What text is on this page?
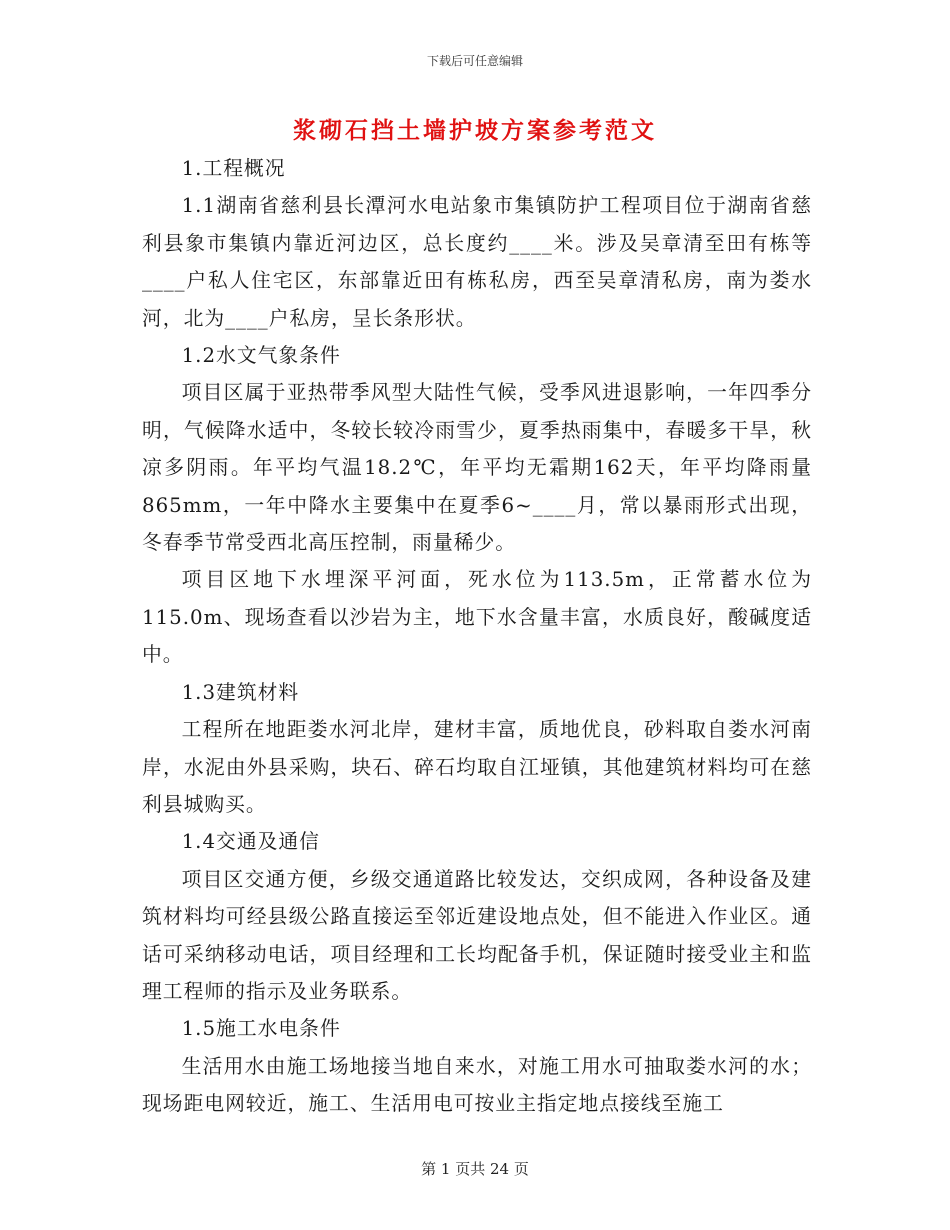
下载后可任意编辑
浆砌石挡土墙护坡方案参考范文

1.工程概况

1.1湖南省慈利县长潭河水电站象市集镇防护工程项目位于湖南省慈利县象市集镇内靠近河边区，总长度约____米。涉及吴章清至田有栋等____户私人住宅区，东部靠近田有栋私房，西至吴章清私房，南为娄水河，北为____户私房，呈长条形状。

1.2水文气象条件

项目区属于亚热带季风型大陆性气候，受季风进退影响，一年四季分明，气候降水适中，冬较长较冷雨雪少，夏季热雨集中，春暖多干旱，秋凉多阴雨。年平均气温18.2℃，年平均无霜期162天，年平均降雨量865mm，一年中降水主要集中在夏季6~____月，常以暴雨形式出现，冬春季节常受西北高压控制，雨量稀少。

项目区地下水埋深平河面，死水位为113.5m，正常蓄水位为115.0m、现场查看以沙岩为主，地下水含量丰富，水质良好，酸碱度适中。

1.3建筑材料

工程所在地距娄水河北岸，建材丰富，质地优良，砂料取自娄水河南岸，水泥由外县采购，块石、碎石均取自江垭镇，其他建筑材料均可在慈利县城购买。

1.4交通及通信

项目区交通方便，乡级交通道路比较发达，交织成网，各种设备及建筑材料均可经县级公路直接运至邻近建设地点处，但不能进入作业区。通话可采纳移动电话，项目经理和工长均配备手机，保证随时接受业主和监理工程师的指示及业务联系。

1.5施工水电条件

生活用水由施工场地接当地自来水，对施工用水可抽取娄水河的水；现场距电网较近，施工、生活用电可按业主指定地点接线至施工

第 1 页共 24 页
